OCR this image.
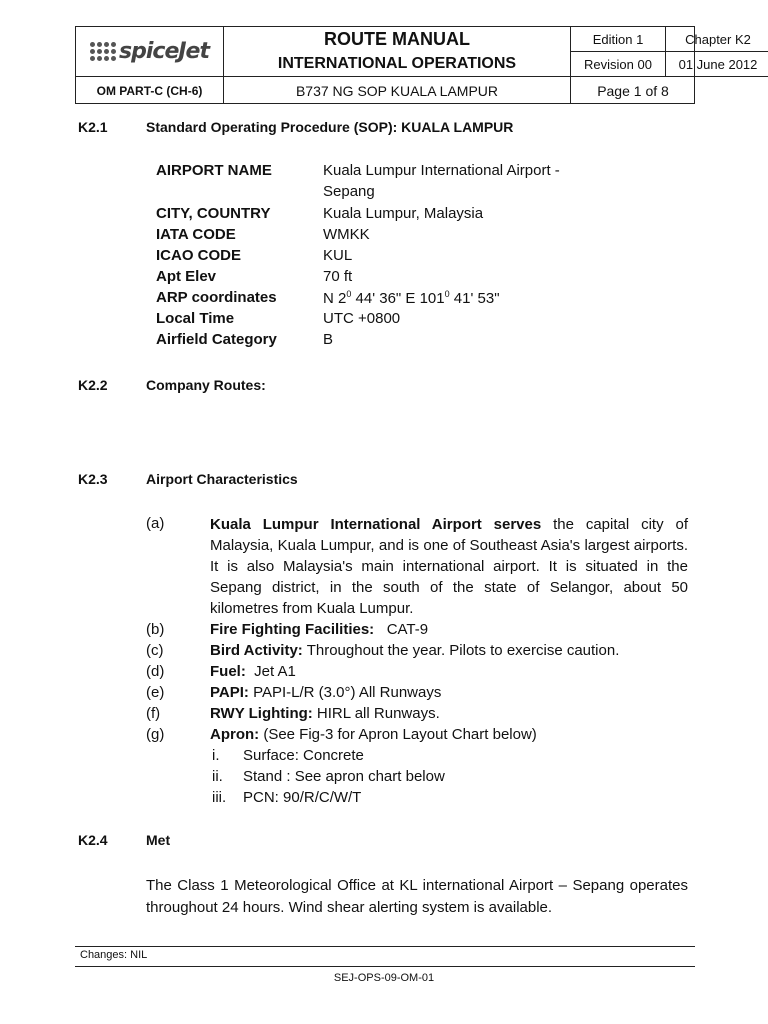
spiceJet
OM PART-C (CH-6)
ROUTE MANUAL
INTERNATIONAL OPERATIONS
B737 NG SOP KUALA LAMPUR
Edition 1	Chapter K2
Revision 00	01 June 2012
Page 1 of 8
K2.1	Standard Operating Procedure (SOP): KUALA LAMPUR
AIRPORT NAME	Kuala Lumpur International Airport -
Sepang
CITY, COUNTRY	Kuala Lumpur, Malaysia
IATA CODE	WMKK
ICAO CODE	KUL
Apt Elev	70 ft
ARP coordinates	N $2^0$ 44' 36" E $101^0$ 41' 53"
Local Time	UTC +0800
Airfield Category	B
K2.2	Company Routes:
K2.3	Airport Characteristics
(a)	Kuala Lumpur International Airport serves the capital city of Malaysia, Kuala Lumpur, and is one of Southeast Asia's largest airports. It is also Malaysia's main international airport. It is situated in the Sepang district, in the south of the state of Selangor, about 50 kilometres from Kuala Lumpur.
(b)	Fire Fighting Facilities:   CAT-9
(c)	Bird Activity: Throughout the year. Pilots to exercise caution.
(d)	Fuel:  Jet A1
(e)	PAPI: PAPI-L/R (3.0°) All Runways
(f)	RWY Lighting: HIRL all Runways.
(g)	Apron: (See Fig-3 for Apron Layout Chart below)
i. Surface: Concrete
ii. Stand : See apron chart below
iii. PCN: 90/R/C/W/T
K2.4	Met
The Class 1 Meteorological Office at KL international Airport – Sepang operates throughout 24 hours. Wind shear alerting system is available.
Changes: NIL
SEJ-OPS-09-OM-01
